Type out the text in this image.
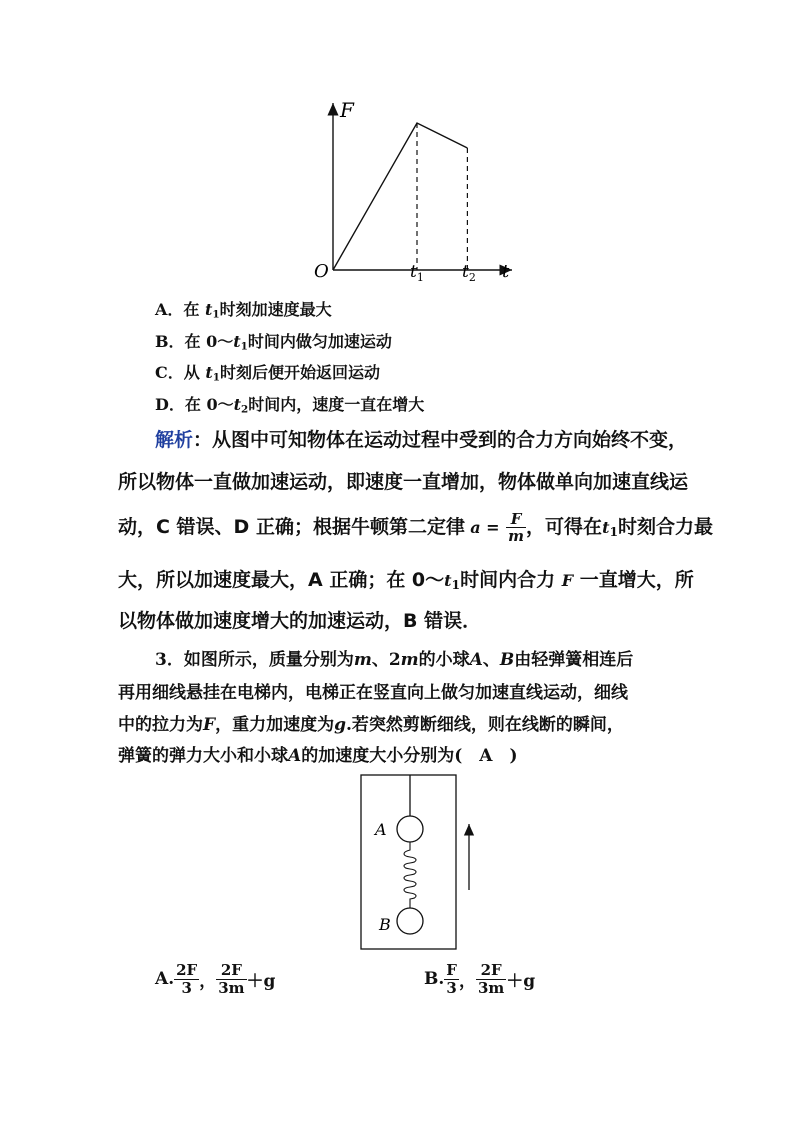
F
O	t
$t_1$ $t_2$
A．在 $t_1$时刻加速度最大
B．在 $0\sim t_1$时间内做匀加速运动
C．从 $t_1$时刻后便开始返回运动
D．在 $0\sim t_2$时间内，速度一直在增大
解析：从图中可知物体在运动过程中受到的合力方向始终不变，
所以物体一直做加速运动，即速度一直增加，物体做单向加速直线运
动，C 错误、D 正确；根据牛顿第二定律 $a = \frac{F}{m}$ ，可得在$t_1$时刻合力最
大，所以加速度最大，A 正确；在 $0\sim t_1$时间内合力 F 一直增大，所
以物体做加速度增大的加速运动，B 错误．
3．如图所示，质量分别为m、2m的小球A、B由轻弹簧相连后
再用细线悬挂在电梯内，电梯正在竖直向上做匀加速直线运动，细线
中的拉力为F，重力加速度为g.若突然剪断细线，则在线断的瞬间，
弹簧的弹力大小和小球A的加速度大小分别为(　A　)
A
B
A. $\frac{2F}{3}$ ， $\frac{2F}{3m} +g$	B. $\frac{F}{3}$ ， $\frac{2F}{3m} +g$
